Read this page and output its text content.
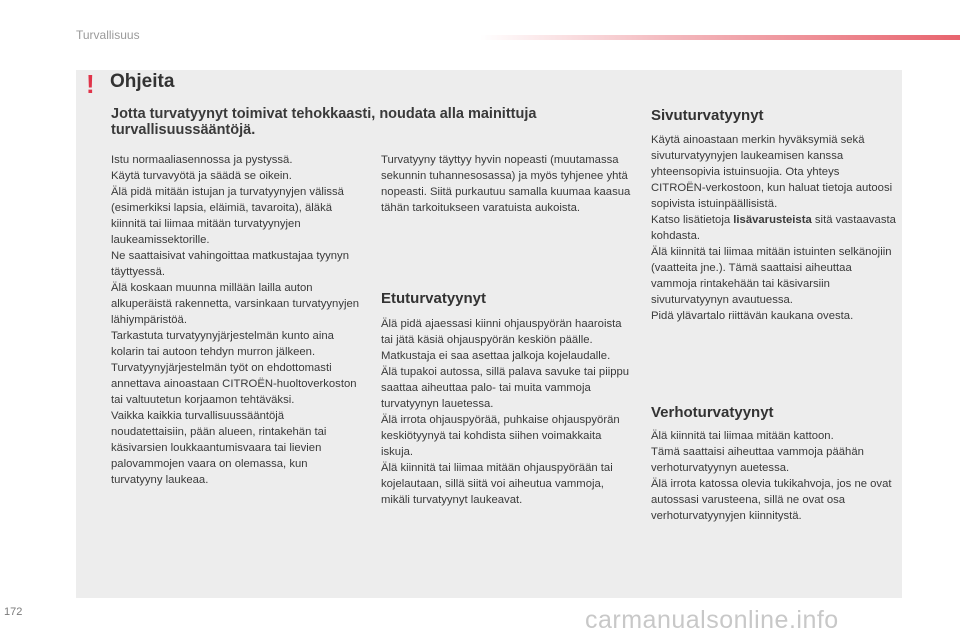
Turvallisuus
! Ohjeita
Jotta turvatyynyt toimivat tehokkaasti, noudata alla mainittuja turvallisuussääntöjä.

Istu normaaliasennossa ja pystyssä.

Käytä turvavyötä ja säädä se oikein.

Älä pidä mitään istujan ja turvatyynyjen välissä (esimerkiksi lapsia, eläimiä, tavaroita), äläkä kiinnitä tai liimaa mitään turvatyynyjen laukeamissektorille.

Ne saattaisivat vahingoittaa matkustajaa tyynyn täyttyessä.

Älä koskaan muunna millään lailla auton alkuperäistä rakennetta, varsinkaan turvatyynyjen lähiympäristöä.

Tarkastuta turvatyynyjärjestelmän kunto aina kolarin tai autoon tehdyn murron jälkeen.

Turvatyynyjärjestelmän työt on ehdottomasti annettava ainoastaan CITROËN-huoltoverkoston tai valtuutetun korjaamon tehtäväksi.

Vaikka kaikkia turvallisuussääntöjä noudatettaisiin, pään alueen, rintakehän tai käsivarsien loukkaantumisvaara tai lievien palovammojen vaara on olemassa, kun turvatyyny laukeaa.

Turvatyyny täyttyy hyvin nopeasti (muutamassa sekunnin tuhannesosassa) ja myös tyhjenee yhtä nopeasti. Siitä purkautuu samalla kuumaa kaasua tähän tarkoitukseen varatuista aukoista.
Etuturvatyynyt

Älä pidä ajaessasi kiinni ohjauspyörän haaroista tai jätä käsiä ohjauspyörän keskiön päälle.

Matkustaja ei saa asettaa jalkoja kojelaudalle.

Älä tupakoi autossa, sillä palava savuke tai piippu saattaa aiheuttaa palo- tai muita vammoja turvatyynyn lauetessa.

Älä irrota ohjauspyörää, puhkaise ohjauspyörän keskiötyynyä tai kohdista siihen voimakkaita iskuja.

Älä kiinnitä tai liimaa mitään ohjauspyörään tai kojelautaan, sillä siitä voi aiheutua vammoja, mikäli turvatyynyt laukeavat.

Sivuturvatyynyt

Käytä ainoastaan merkin hyväksymiä sekä sivuturvatyynyjen laukeamisen kanssa yhteensopivia istuinsuojia. Ota yhteys CITROËN-verkostoon, kun haluat tietoja autoosi sopivista istuinpäällisistä.

Katso lisätietoja lisävarusteista sitä vastaavasta kohdasta.

Älä kiinnitä tai liimaa mitään istuinten selkänojiin (vaatteita jne.). Tämä saattaisi aiheuttaa vammoja rintakehään tai käsivarsiin sivuturvatyynyn avautuessa.

Pidä ylävartalo riittävän kaukana ovesta.

Verhoturvatyynyt

Älä kiinnitä tai liimaa mitään kattoon.

Tämä saattaisi aiheuttaa vammoja päähän verhoturvatyynyn auetessa.

Älä irrota katossa olevia tukikahvoja, jos ne ovat autossasi varusteena, sillä ne ovat osa verhoturvatyynyjen kiinnitystä.

172	carmanualsonline.info
